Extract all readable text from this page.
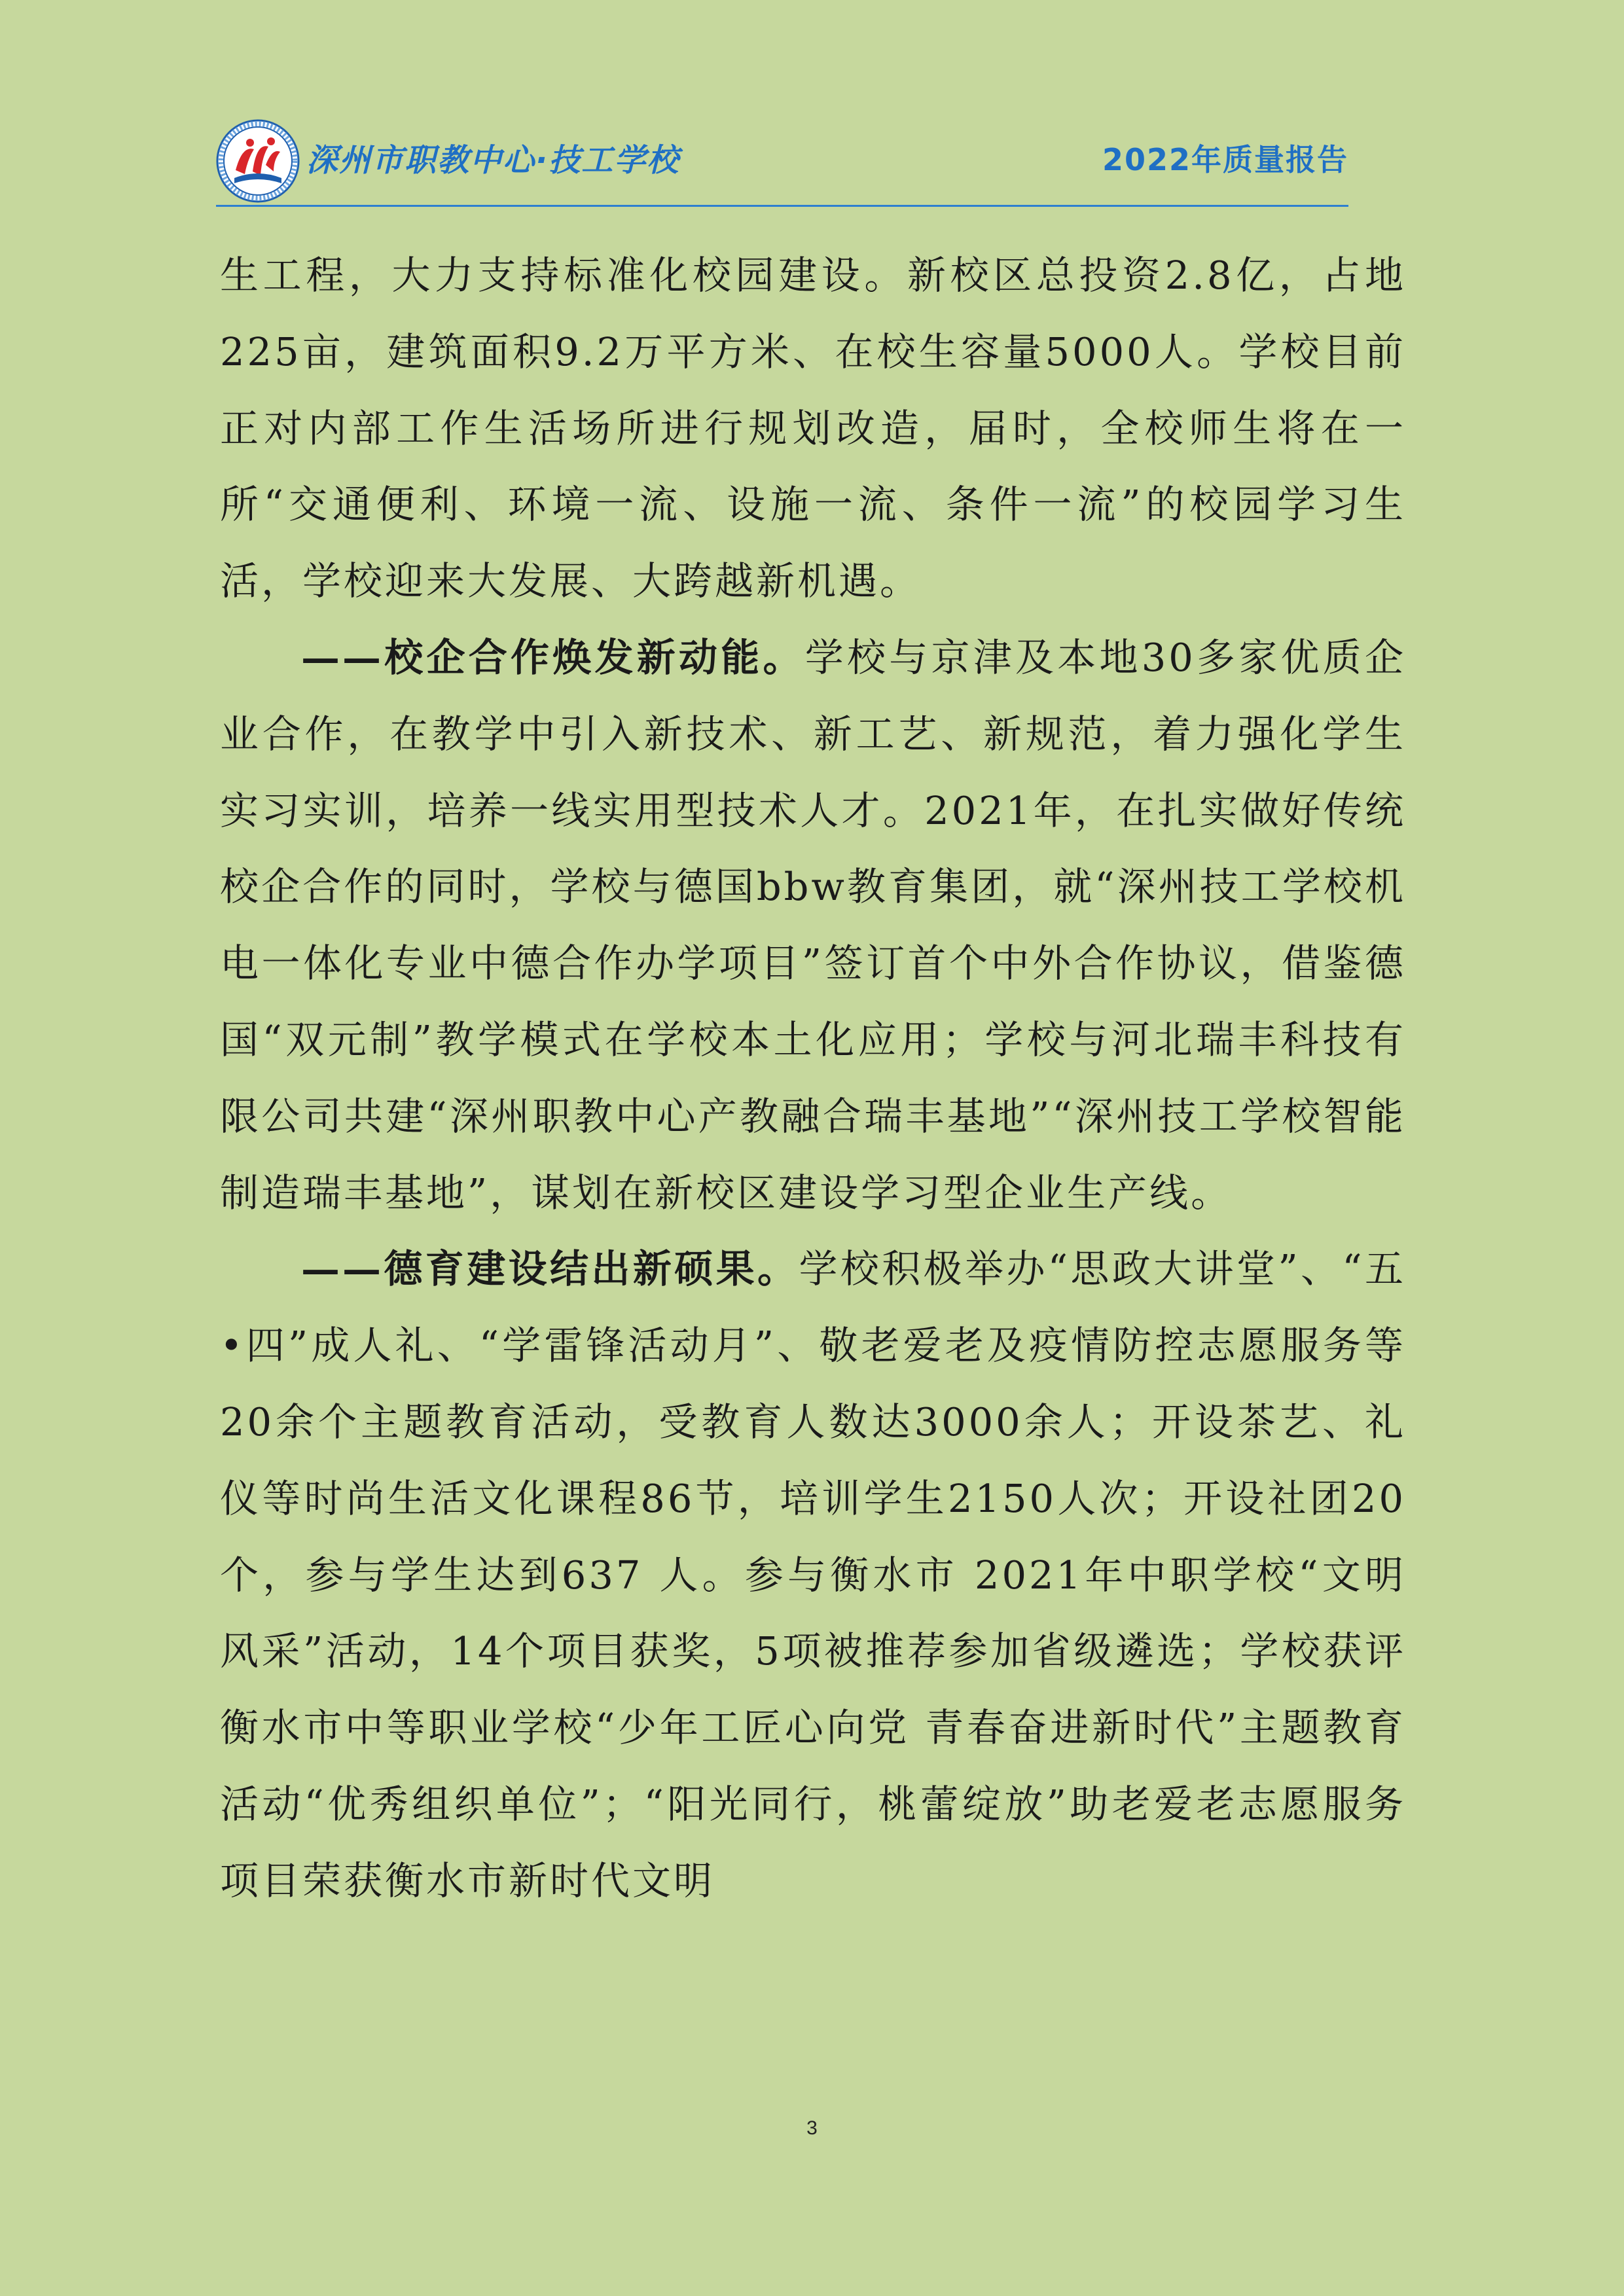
深州市职教中心·技工学校	2022年质量报告

生工程，大力支持标准化校园建设。新校区总投资2.8亿，占地225亩，建筑面积9.2万平方米、在校生容量5000人。学校目前正对内部工作生活场所进行规划改造，届时，全校师生将在一所“交通便利、环境一流、设施一流、条件一流”的校园学习生活，学校迎来大发展、大跨越新机遇。

——校企合作焕发新动能。学校与京津及本地30多家优质企业合作，在教学中引入新技术、新工艺、新规范，着力强化学生实习实训，培养一线实用型技术人才。2021年，在扎实做好传统校企合作的同时，学校与德国bbw教育集团，就“深州技工学校机电一体化专业中德合作办学项目”签订首个中外合作协议，借鉴德国“双元制”教学模式在学校本土化应用；学校与河北瑞丰科技有限公司共建“深州职教中心产教融合瑞丰基地”“深州技工学校智能制造瑞丰基地”，谋划在新校区建设学习型企业生产线。

——德育建设结出新硕果。学校积极举办“思政大讲堂”、“五•四”成人礼、“学雷锋活动月”、敬老爱老及疫情防控志愿服务等20余个主题教育活动，受教育人数达3000余人；开设茶艺、礼仪等时尚生活文化课程86节，培训学生2150人次；开设社团20个，参与学生达到637 人。参与衡水市 2021年中职学校“文明风采”活动，14个项目获奖，5项被推荐参加省级遴选；学校获评衡水市中等职业学校“少年工匠心向党 青春奋进新时代”主题教育活动“优秀组织单位”；“阳光同行，桃蕾绽放”助老爱老志愿服务项目荣获衡水市新时代文明

3
